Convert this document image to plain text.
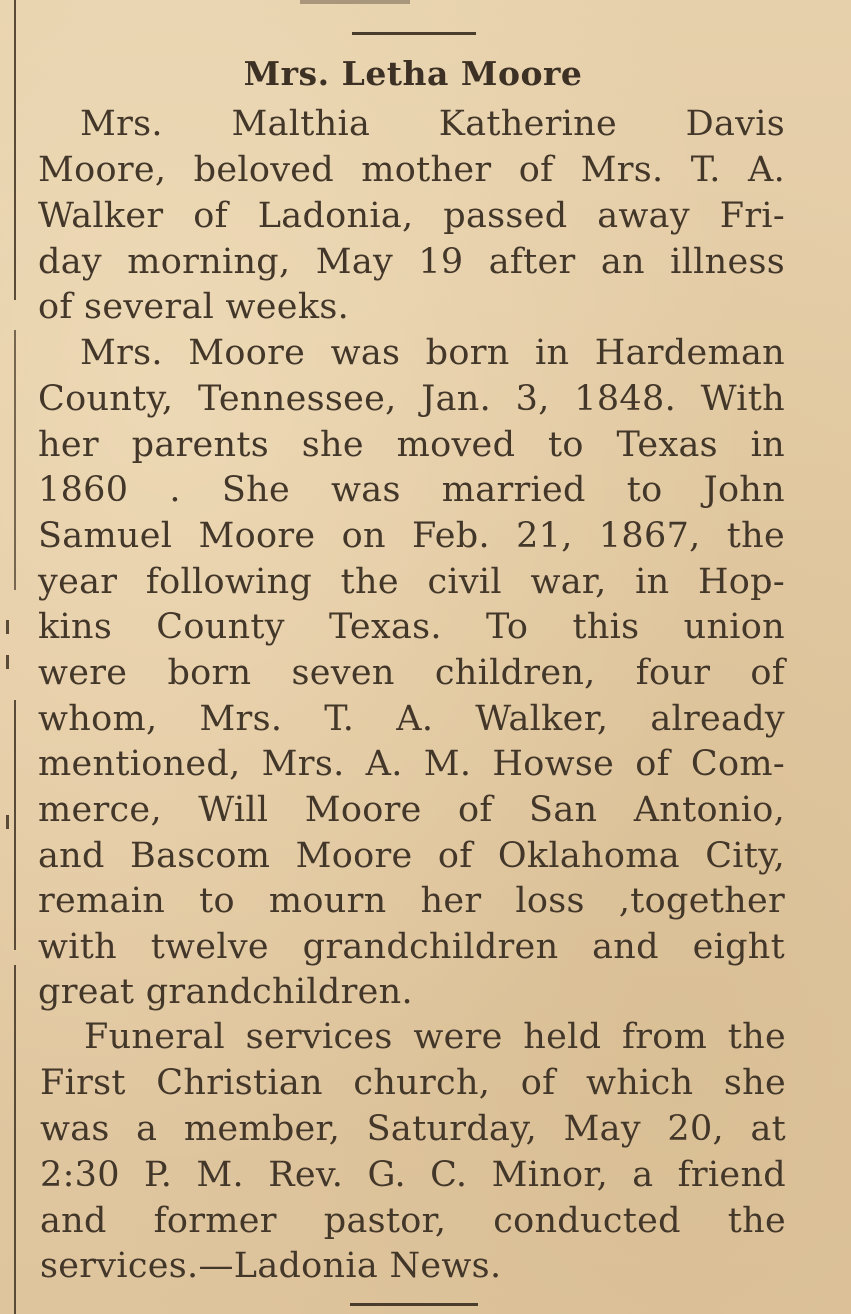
Mrs. Letha Moore
Mrs. Malthia Katherine Davis
Moore, beloved mother of Mrs. T. A.
Walker of Ladonia, passed away Fri-
day morning, May 19 after an illness
of several weeks.
Mrs. Moore was born in Hardeman
County, Tennessee, Jan. 3, 1848. With
her parents she moved to Texas in
1860 . She was married to John
Samuel Moore on Feb. 21, 1867, the
year following the civil war, in Hop-
kins County Texas. To this union
were born seven children, four of
whom, Mrs. T. A. Walker, already
mentioned, Mrs. A. M. Howse of Com-
merce, Will Moore of San Antonio,
and Bascom Moore of Oklahoma City,
remain to mourn her loss ,together
with twelve grandchildren and eight
great grandchildren.
Funeral services were held from the
First Christian church, of which she
was a member, Saturday, May 20, at
2:30 P. M. Rev. G. C. Minor, a friend
and former pastor, conducted the
services.—Ladonia News.
